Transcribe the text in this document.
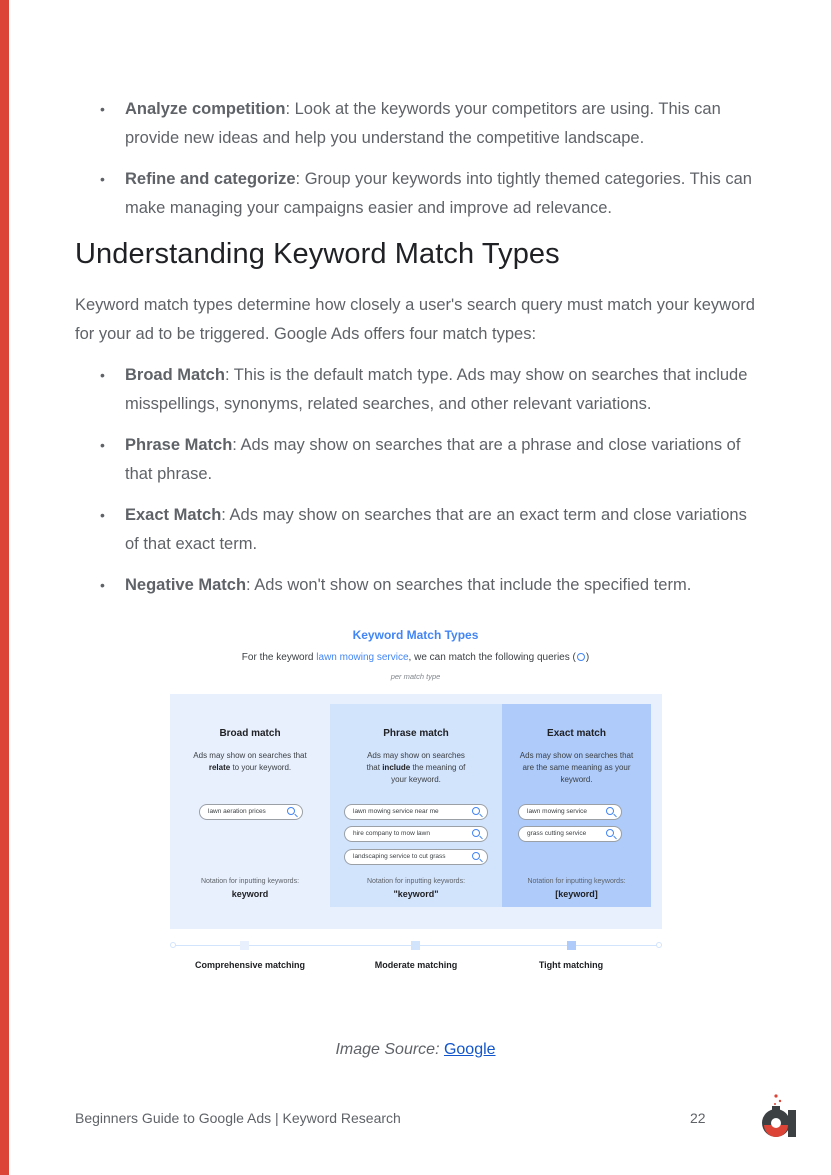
• Analyze competition: Look at the keywords your competitors are using. This can provide new ideas and help you understand the competitive landscape.
• Refine and categorize: Group your keywords into tightly themed categories. This can make managing your campaigns easier and improve ad relevance.
Understanding Keyword Match Types

Keyword match types determine how closely a user's search query must match your keyword for your ad to be triggered. Google Ads offers four match types:

• Broad Match: This is the default match type. Ads may show on searches that include misspellings, synonyms, related searches, and other relevant variations.
• Phrase Match: Ads may show on searches that are a phrase and close variations of that phrase.
• Exact Match: Ads may show on searches that are an exact term and close variations of that exact term.
• Negative Match: Ads won't show on searches that include the specified term.
Keyword Match Types
For the keyword lawn mowing service, we can match the following queries ( )
per match type
Broad match
Ads may show on searches that relate to your keyword.
lawn aeration prices
Notation for inputting keywords:
keyword
Phrase match
Ads may show on searches that include the meaning of your keyword.
lawn mowing service near me
hire company to mow lawn
landscaping service to cut grass
Notation for inputting keywords:
"keyword"
Exact match
Ads may show on searches that are the same meaning as your keyword.
lawn mowing service
grass cutting service
Notation for inputting keywords:
[keyword]
Comprehensive matching	Moderate matching	Tight matching
Image Source: Google
Beginners Guide to Google Ads | Keyword Research	22
